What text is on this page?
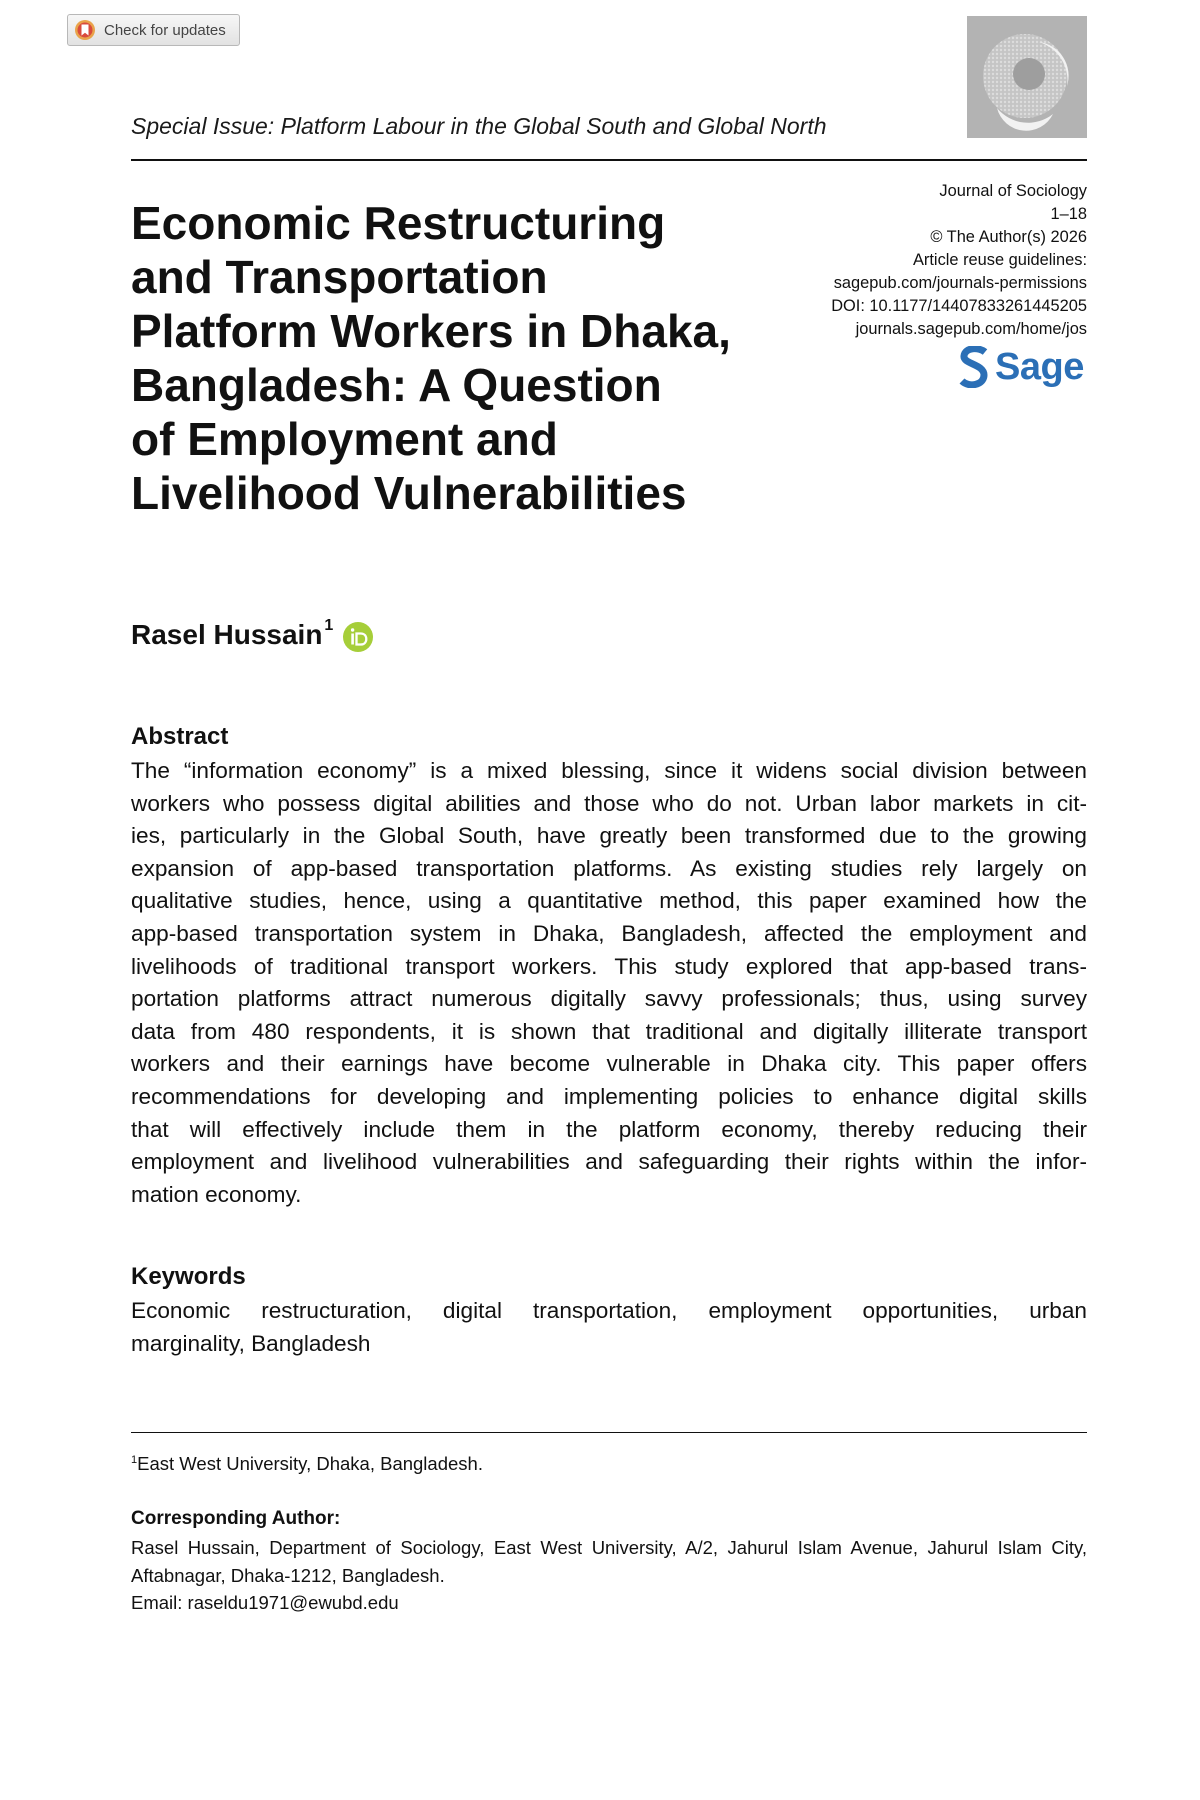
Check for updates
Special Issue: Platform Labour in the Global South and Global North
Journal of Sociology
1–18
© The Author(s) 2026
Article reuse guidelines:
sagepub.com/journals-permissions
DOI: 10.1177/14407833261445205
journals.sagepub.com/home/jos
Sage
Economic Restructuring
and Transportation
Platform Workers in Dhaka,
Bangladesh: A Question
of Employment and
Livelihood Vulnerabilities
Rasel Hussain 1
Abstract

The “information economy” is a mixed blessing, since it widens social division between
workers who possess digital abilities and those who do not. Urban labor markets in cit-
ies, particularly in the Global South, have greatly been transformed due to the growing
expansion of app-based transportation platforms. As existing studies rely largely on
qualitative studies, hence, using a quantitative method, this paper examined how the
app-based transportation system in Dhaka, Bangladesh, affected the employment and
livelihoods of traditional transport workers. This study explored that app-based trans-
portation platforms attract numerous digitally savvy professionals; thus, using survey
data from 480 respondents, it is shown that traditional and digitally illiterate transport
workers and their earnings have become vulnerable in Dhaka city. This paper offers
recommendations for developing and implementing policies to enhance digital skills
that will effectively include them in the platform economy, thereby reducing their
employment and livelihood vulnerabilities and safeguarding their rights within the infor-
mation economy.

Keywords

Economic restructuration, digital transportation, employment opportunities, urban
marginality, Bangladesh

$^1$East West University, Dhaka, Bangladesh.
Corresponding Author:
Rasel Hussain, Department of Sociology, East West University, A/2, Jahurul Islam Avenue, Jahurul Islam City,
Aftabnagar, Dhaka-1212, Bangladesh.
Email: raseldu1971@ewubd.edu
